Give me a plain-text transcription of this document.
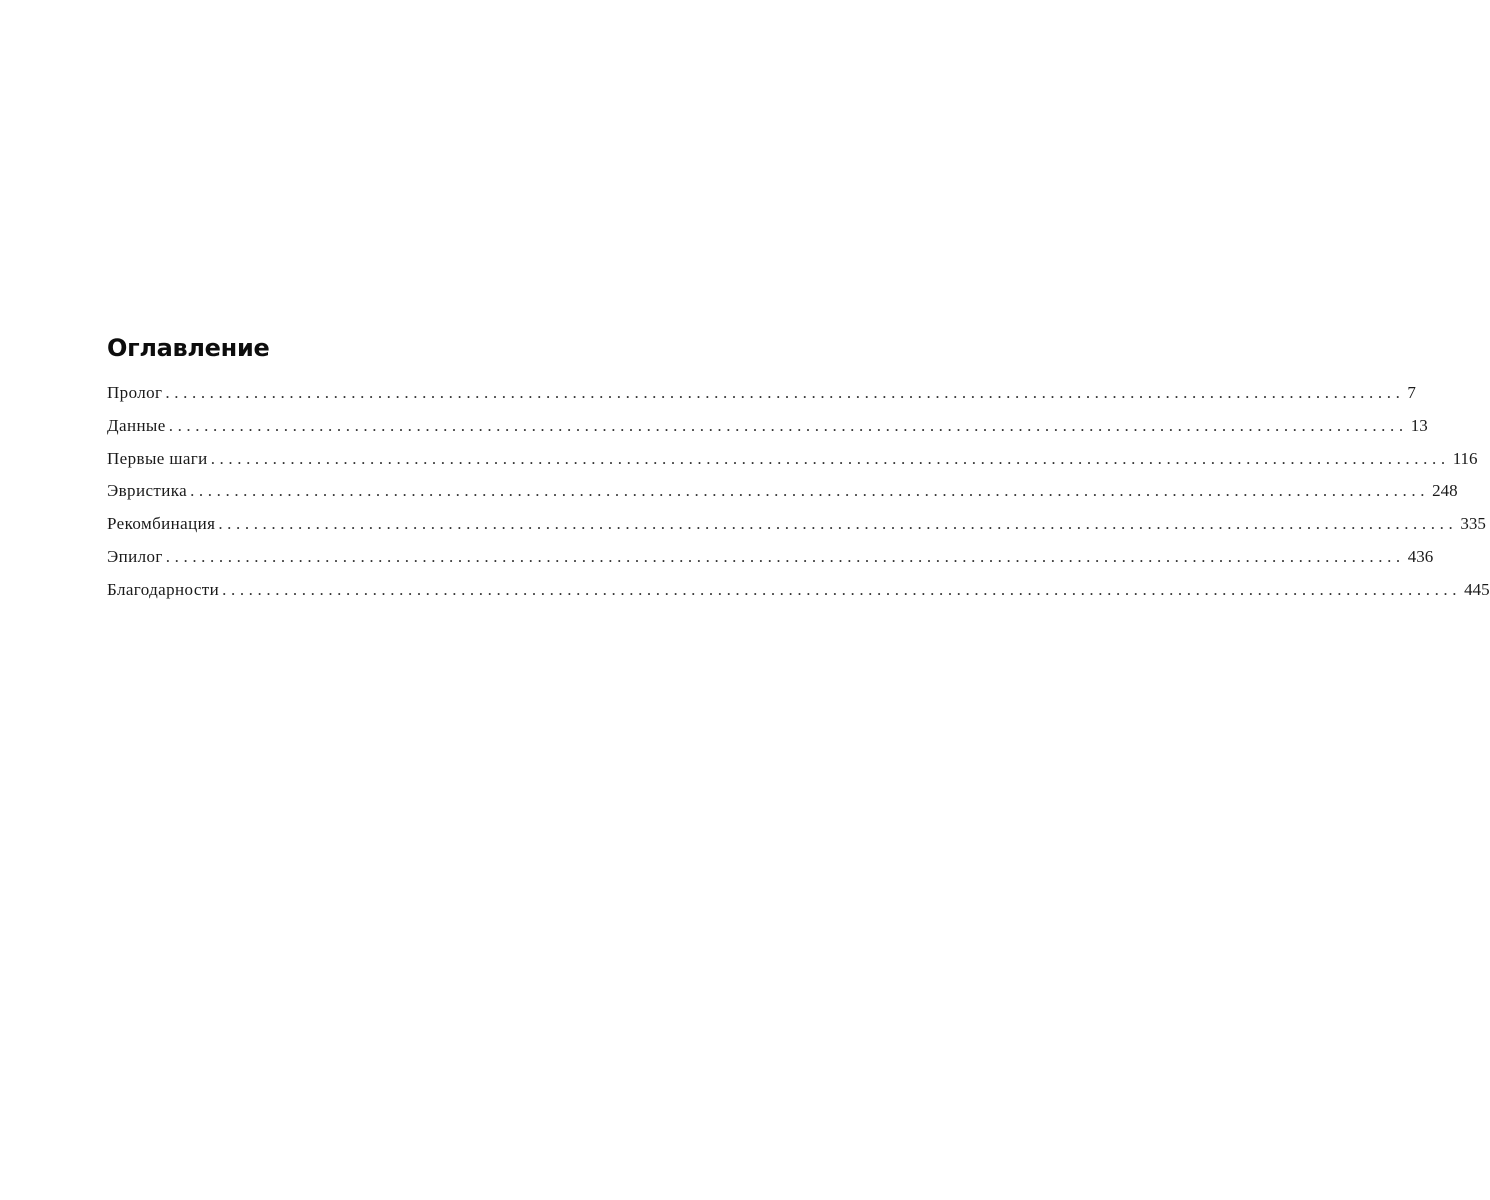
Оглавление
Пролог ............................................................................................................................................ 7
Данные ............................................................................................................................................ 13
Первые шаги ............................................................................................................................................ 116
Эвристика ............................................................................................................................................ 248
Рекомбинация ............................................................................................................................................ 335
Эпилог ............................................................................................................................................ 436
Благодарности ............................................................................................................................................ 445
